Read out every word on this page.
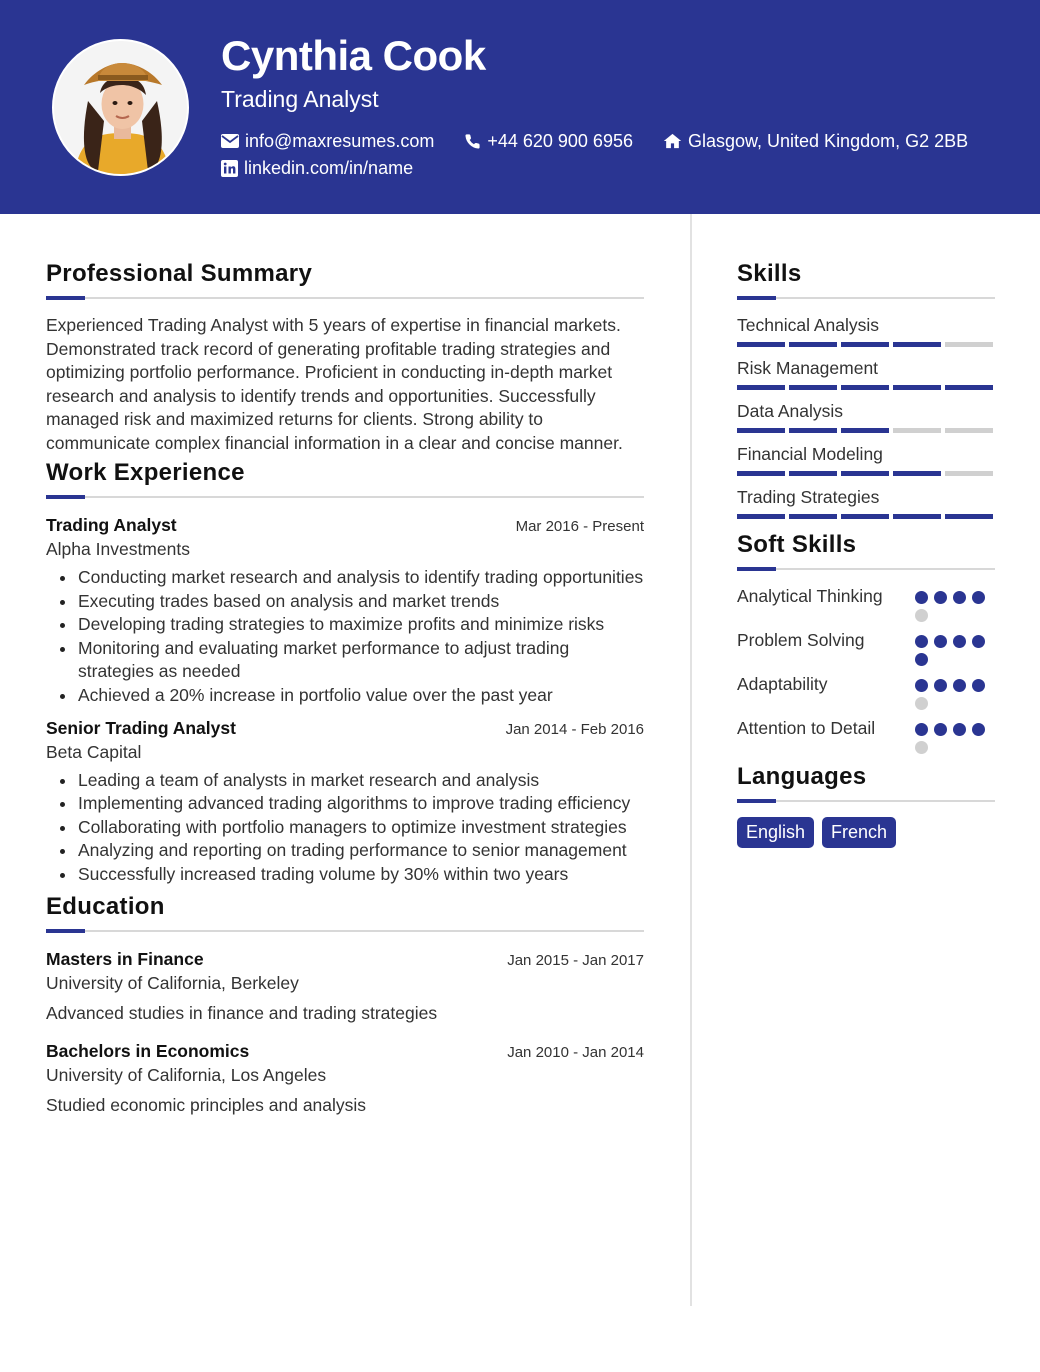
Cynthia Cook
Trading Analyst
info@maxresumes.com	+44 620 900 6956	Glasgow, United Kingdom, G2 2BB
linkedin.com/in/name
Professional Summary
Experienced Trading Analyst with 5 years of expertise in financial markets. Demonstrated track record of generating profitable trading strategies and optimizing portfolio performance. Proficient in conducting in-depth market research and analysis to identify trends and opportunities. Successfully managed risk and maximized returns for clients. Strong ability to communicate complex financial information in a clear and concise manner.
Work Experience
Trading Analyst	Mar 2016 - Present
Alpha Investments
Conducting market research and analysis to identify trading opportunities
Executing trades based on analysis and market trends
Developing trading strategies to maximize profits and minimize risks
Monitoring and evaluating market performance to adjust trading strategies as needed
Achieved a 20% increase in portfolio value over the past year
Senior Trading Analyst	Jan 2014 - Feb 2016
Beta Capital
Leading a team of analysts in market research and analysis
Implementing advanced trading algorithms to improve trading efficiency
Collaborating with portfolio managers to optimize investment strategies
Analyzing and reporting on trading performance to senior management
Successfully increased trading volume by 30% within two years
Education
Masters in Finance	Jan 2015 - Jan 2017
University of California, Berkeley
Advanced studies in finance and trading strategies
Bachelors in Economics	Jan 2010 - Jan 2014
University of California, Los Angeles
Studied economic principles and analysis
Skills
Technical Analysis
Risk Management
Data Analysis
Financial Modeling
Trading Strategies
Soft Skills
Analytical Thinking
Problem Solving
Adaptability
Attention to Detail
Languages
English	French
